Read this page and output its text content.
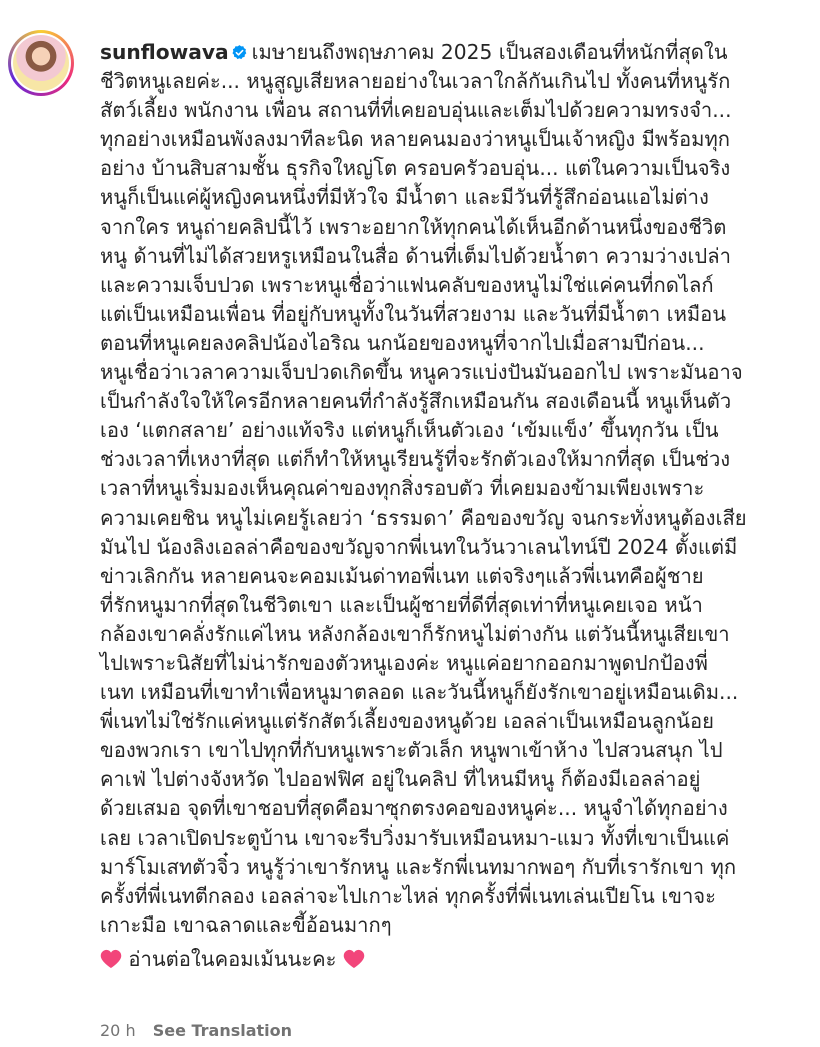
sunflowava เมษายนถึงพฤษภาคม 2025 เป็นสองเดือนที่หนักที่สุดใน
ชีวิตหนูเลยค่ะ... หนูสูญเสียหลายอย่างในเวลาใกล้กันเกินไป ทั้งคนที่หนูรัก
สัตว์เลี้ยง พนักงาน เพื่อน สถานที่ที่เคยอบอุ่นและเต็มไปด้วยความทรงจำ...
ทุกอย่างเหมือนพังลงมาทีละนิด หลายคนมองว่าหนูเป็นเจ้าหญิง มีพร้อมทุก
อย่าง บ้านสิบสามชั้น ธุรกิจใหญ่โต ครอบครัวอบอุ่น... แต่ในความเป็นจริง
หนูก็เป็นแค่ผู้หญิงคนหนึ่งที่มีหัวใจ มีน้ำตา และมีวันที่รู้สึกอ่อนแอไม่ต่าง
จากใคร หนูถ่ายคลิปนี้ไว้ เพราะอยากให้ทุกคนได้เห็นอีกด้านหนึ่งของชีวิต
หนู ด้านที่ไม่ได้สวยหรูเหมือนในสื่อ ด้านที่เต็มไปด้วยน้ำตา ความว่างเปล่า
และความเจ็บปวด เพราะหนูเชื่อว่าแฟนคลับของหนูไม่ใช่แค่คนที่กดไลก์
แต่เป็นเหมือนเพื่อน ที่อยู่กับหนูทั้งในวันที่สวยงาม และวันที่มีน้ำตา เหมือน
ตอนที่หนูเคยลงคลิปน้องไอริณ นกน้อยของหนูที่จากไปเมื่อสามปีก่อน...
หนูเชื่อว่าเวลาความเจ็บปวดเกิดขึ้น หนูควรแบ่งปันมันออกไป เพราะมันอาจ
เป็นกำลังใจให้ใครอีกหลายคนที่กำลังรู้สึกเหมือนกัน สองเดือนนี้ หนูเห็นตัว
เอง ‘แตกสลาย’ อย่างแท้จริง แต่หนูก็เห็นตัวเอง ‘เข้มแข็ง’ ขึ้นทุกวัน เป็น
ช่วงเวลาที่เหงาที่สุด แต่ก็ทำให้หนูเรียนรู้ที่จะรักตัวเองให้มากที่สุด เป็นช่วง
เวลาที่หนูเริ่มมองเห็นคุณค่าของทุกสิ่งรอบตัว ที่เคยมองข้ามเพียงเพราะ
ความเคยชิน หนูไม่เคยรู้เลยว่า ‘ธรรมดา’ คือของขวัญ จนกระทั่งหนูต้องเสีย
มันไป น้องลิงเอลล่าคือของขวัญจากพี่เนทในวันวาเลนไทน์ปี 2024 ตั้งแต่มี
ข่าวเลิกกัน หลายคนจะคอมเม้นด่าทอพี่เนท แต่จริงๆแล้วพี่เนทคือผู้ชาย
ที่รักหนูมากที่สุดในชีวิตเขา และเป็นผู้ชายที่ดีที่สุดเท่าที่หนูเคยเจอ หน้า
กล้องเขาคลั่งรักแค่ไหน หลังกล้องเขาก็รักหนูไม่ต่างกัน แต่วันนี้หนูเสียเขา
ไปเพราะนิสัยที่ไม่น่ารักของตัวหนูเองค่ะ หนูแค่อยากออกมาพูดปกป้องพี่
เนท เหมือนที่เขาทำเพื่อหนูมาตลอด และวันนี้หนูก็ยังรักเขาอยู่เหมือนเดิม...
พี่เนทไม่ใช่รักแค่หนูแต่รักสัตว์เลี้ยงของหนูด้วย เอลล่าเป็นเหมือนลูกน้อย
ของพวกเรา เขาไปทุกที่กับหนูเพราะตัวเล็ก หนูพาเข้าห้าง ไปสวนสนุก ไป
คาเฟ่ ไปต่างจังหวัด ไปออฟฟิศ อยู่ในคลิป ที่ไหนมีหนู ก็ต้องมีเอลล่าอยู่
ด้วยเสมอ จุดที่เขาชอบที่สุดคือมาซุกตรงคอของหนูค่ะ... หนูจำได้ทุกอย่าง
เลย เวลาเปิดประตูบ้าน เขาจะรีบวิ่งมารับเหมือนหมา-แมว ทั้งที่เขาเป็นแค่
มาร์โมเสทตัวจิ๋ว หนูรู้ว่าเขารักหนู และรักพี่เนทมากพอๆ กับที่เรารักเขา ทุก
ครั้งที่พี่เนทตีกลอง เอลล่าจะไปเกาะไหล่ ทุกครั้งที่พี่เนทเล่นเปียโน เขาจะ
เกาะมือ เขาฉลาดและขี้อ้อนมากๆ
อ่านต่อในคอมเม้นนะคะ
20 h See Translation
